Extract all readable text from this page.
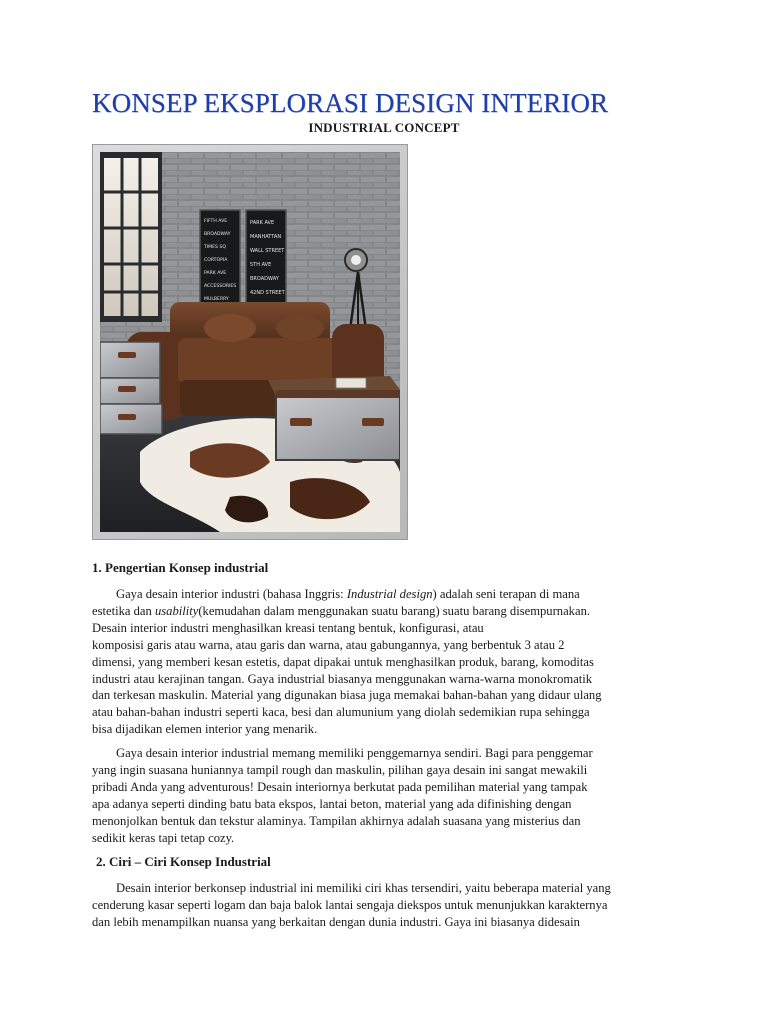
KONSEP EKSPLORASI DESIGN INTERIOR
INDUSTRIAL CONCEPT
FIFTH AVE
BROADWAY
TIMES SQ
CORTOPIA
PARK AVE
ACCESSORIES
MULBERRY
PARK AVE
MANHATTAN
WALL STREET
5TH AVE
BROADWAY
42ND STREET
1. Pengertian Konsep industrial
Gaya desain interior industri (bahasa Inggris: Industrial design) adalah seni terapan di mana
estetika dan usability(kemudahan dalam menggunakan suatu barang) suatu barang disempurnakan.
Desain interior industri menghasilkan kreasi tentang bentuk, konfigurasi, atau
komposisi garis atau warna, atau garis dan warna, atau gabungannya, yang berbentuk 3 atau 2
dimensi, yang memberi kesan estetis, dapat dipakai untuk menghasilkan produk, barang, komoditas
industri atau kerajinan tangan. Gaya industrial biasanya menggunakan warna-warna monokromatik
dan terkesan maskulin. Material yang digunakan biasa juga memakai bahan-bahan yang didaur ulang
atau bahan-bahan industri seperti kaca, besi dan alumunium yang diolah sedemikian rupa sehingga
bisa dijadikan elemen interior yang menarik.
Gaya desain interior industrial memang memiliki penggemarnya sendiri. Bagi para penggemar
yang ingin suasana huniannya tampil rough dan maskulin, pilihan gaya desain ini sangat mewakili
pribadi Anda yang adventurous! Desain interiornya berkutat pada pemilihan material yang tampak
apa adanya seperti dinding batu bata ekspos, lantai beton, material yang ada difinishing dengan
menonjolkan bentuk dan tekstur alaminya. Tampilan akhirnya adalah suasana yang misterius dan
sedikit keras tapi tetap cozy.
2. Ciri – Ciri Konsep Industrial
Desain interior berkonsep industrial ini memiliki ciri khas tersendiri, yaitu beberapa material yang
cenderung kasar seperti logam dan baja balok lantai sengaja diekspos untuk menunjukkan karakternya
dan lebih menampilkan nuansa yang berkaitan dengan dunia industri. Gaya ini biasanya didesain
